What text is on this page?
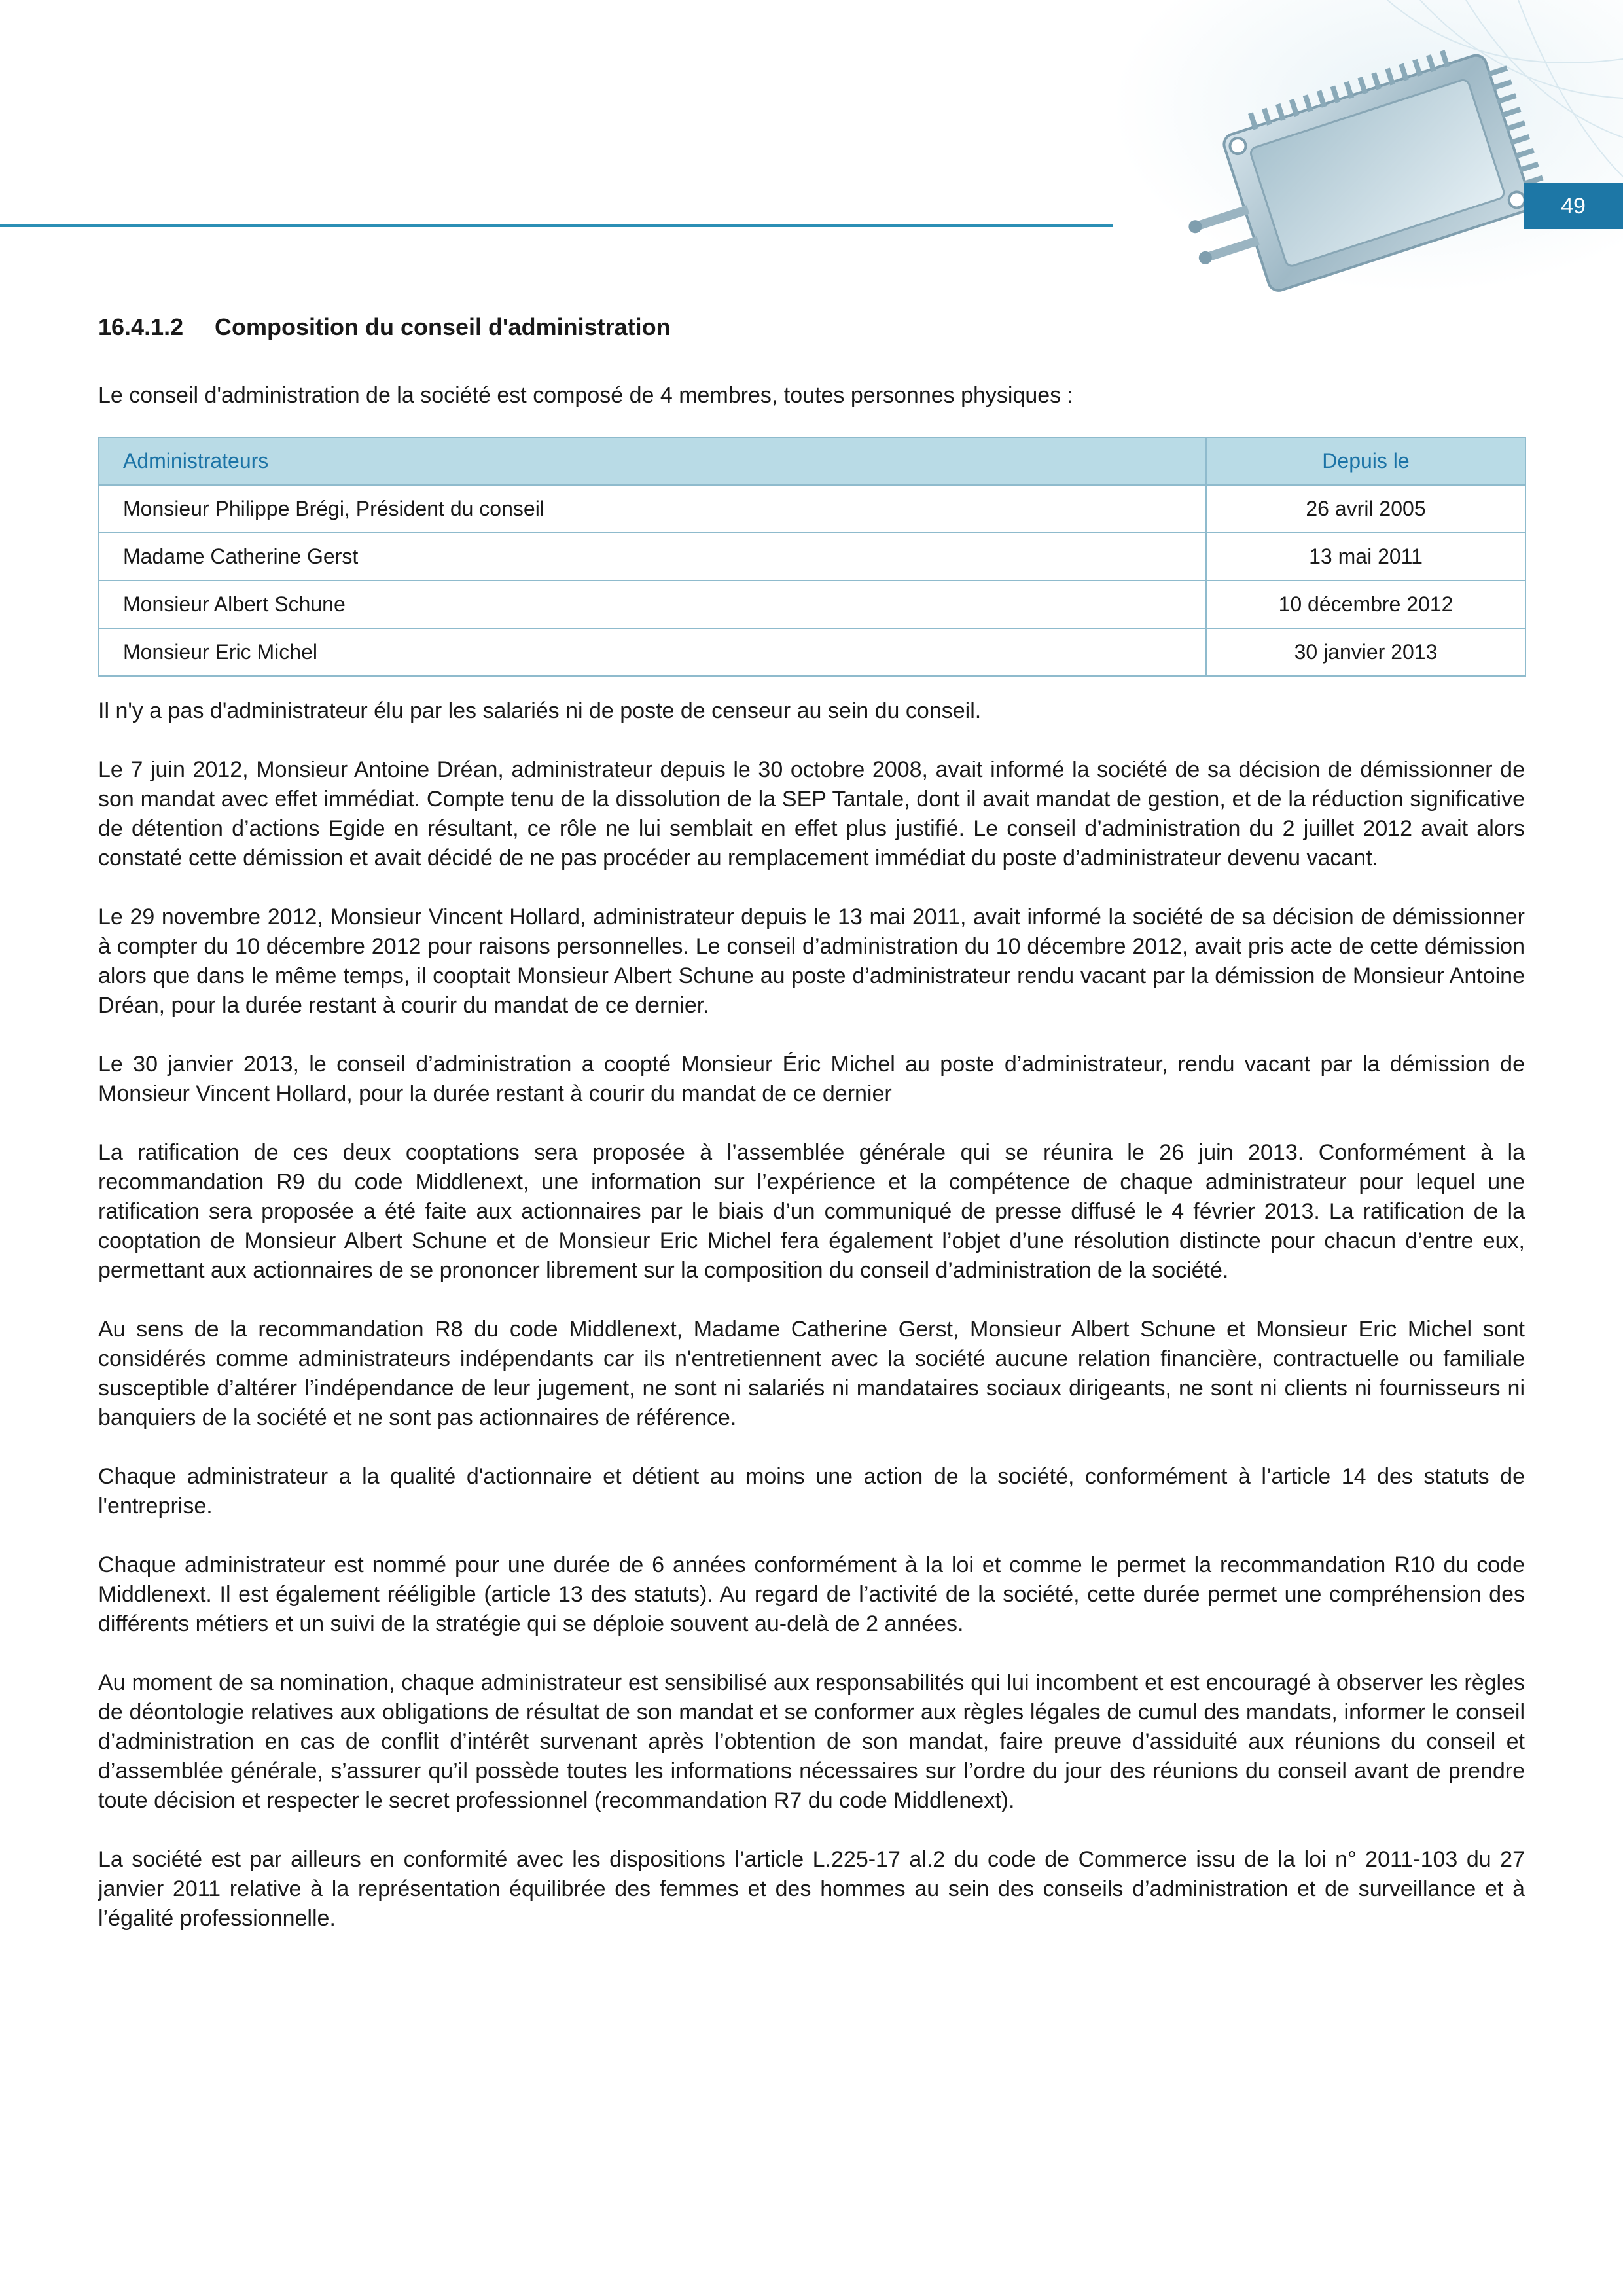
49
16.4.1.2 Composition du conseil d'administration

Le conseil d'administration de la société est composé de 4 membres, toutes personnes physiques :

Administrateurs	Depuis le
Monsieur Philippe Brégi, Président du conseil	26 avril 2005
Madame Catherine Gerst	13 mai 2011
Monsieur Albert Schune	10 décembre 2012
Monsieur Eric Michel	30 janvier 2013

Il n'y a pas d'administrateur élu par les salariés ni de poste de censeur au sein du conseil.

Le 7 juin 2012, Monsieur Antoine Dréan, administrateur depuis le 30 octobre 2008, avait informé la société de sa décision de démissionner de son mandat avec effet immédiat. Compte tenu de la dissolution de la SEP Tantale, dont il avait mandat de gestion, et de la réduction significative de détention d’actions Egide en résultant, ce rôle ne lui semblait en effet plus justifié. Le conseil d’administration du 2 juillet 2012 avait alors constaté cette démission et avait décidé de ne pas procéder au remplacement immédiat du poste d’administrateur devenu vacant.

Le 29 novembre 2012, Monsieur Vincent Hollard, administrateur depuis le 13 mai 2011, avait informé la société de sa décision de démissionner à compter du 10 décembre 2012 pour raisons personnelles. Le conseil d’administration du 10 décembre 2012, avait pris acte de cette démission alors que dans le même temps, il cooptait Monsieur Albert Schune au poste d’administrateur rendu vacant par la démission de Monsieur Antoine Dréan, pour la durée restant à courir du mandat de ce dernier.

Le 30 janvier 2013, le conseil d’administration a coopté Monsieur Éric Michel au poste d’administrateur, rendu vacant par la démission de Monsieur Vincent Hollard, pour la durée restant à courir du mandat de ce dernier

La ratification de ces deux cooptations sera proposée à l’assemblée générale qui se réunira le 26 juin 2013. Conformément à la recommandation R9 du code Middlenext, une information sur l’expérience et la compétence de chaque administrateur pour lequel une ratification sera proposée a été faite aux actionnaires par le biais d’un communiqué de presse diffusé le 4 février 2013. La ratification de la cooptation de Monsieur Albert Schune et de Monsieur Eric Michel fera également l’objet d’une résolution distincte pour chacun d’entre eux, permettant aux actionnaires de se prononcer librement sur la composition du conseil d’administration de la société.

Au sens de la recommandation R8 du code Middlenext, Madame Catherine Gerst, Monsieur Albert Schune et Monsieur Eric Michel sont considérés comme administrateurs indépendants car ils n'entretiennent avec la société aucune relation financière, contractuelle ou familiale susceptible d’altérer l’indépendance de leur jugement, ne sont ni salariés ni mandataires sociaux dirigeants, ne sont ni clients ni fournisseurs ni banquiers de la société et ne sont pas actionnaires de référence.

Chaque administrateur a la qualité d'actionnaire et détient au moins une action de la société, conformément à l’article 14 des statuts de l'entreprise.

Chaque administrateur est nommé pour une durée de 6 années conformément à la loi et comme le permet la recommandation R10 du code Middlenext. Il est également rééligible (article 13 des statuts). Au regard de l’activité de la société, cette durée permet une compréhension des différents métiers et un suivi de la stratégie qui se déploie souvent au-delà de 2 années.

Au moment de sa nomination, chaque administrateur est sensibilisé aux responsabilités qui lui incombent et est encouragé à observer les règles de déontologie relatives aux obligations de résultat de son mandat et se conformer aux règles légales de cumul des mandats, informer le conseil d’administration en cas de conflit d’intérêt survenant après l’obtention de son mandat, faire preuve d’assiduité aux réunions du conseil et d’assemblée générale, s’assurer qu’il possède toutes les informations nécessaires sur l’ordre du jour des réunions du conseil avant de prendre toute décision et respecter le secret professionnel (recommandation R7 du code Middlenext).

La société est par ailleurs en conformité avec les dispositions l’article L.225-17 al.2 du code de Commerce issu de la loi n° 2011-103 du 27 janvier 2011 relative à la représentation équilibrée des femmes et des hommes au sein des conseils d’administration et de surveillance et à l’égalité professionnelle.
